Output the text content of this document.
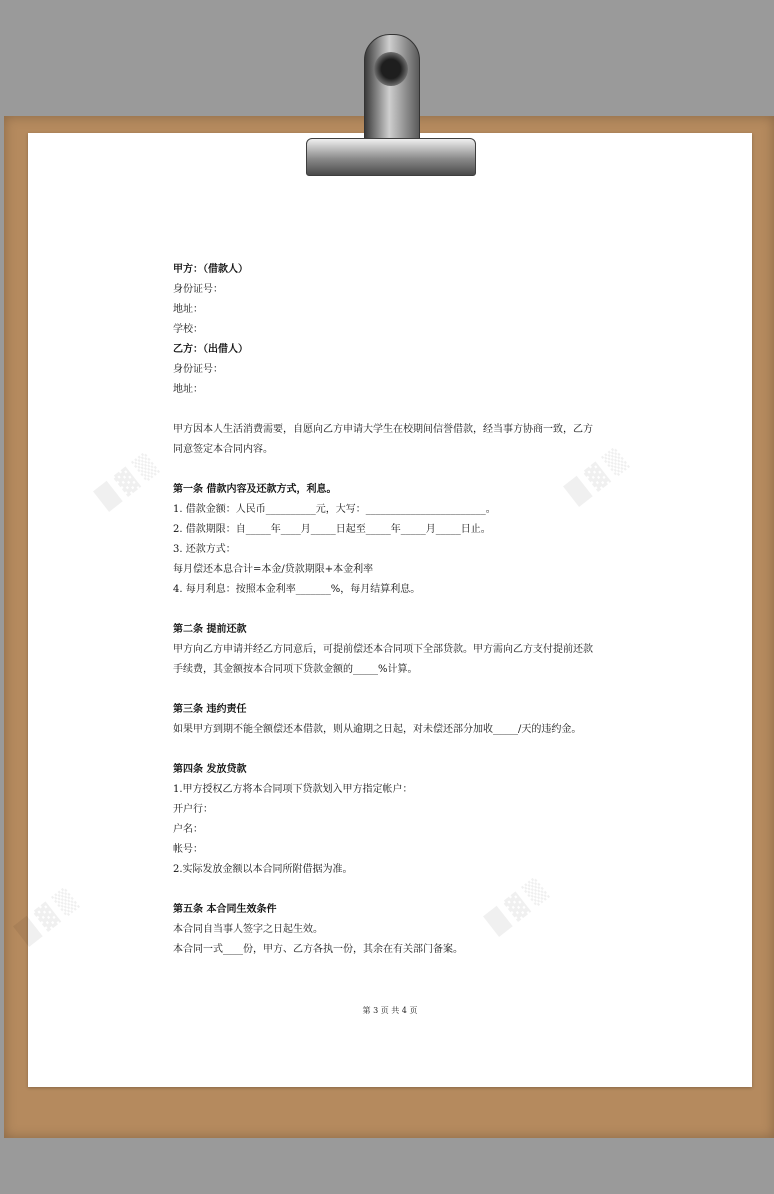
█ ▓ ▒	█ ▓ ▒
█ ▓ ▒	█ ▓ ▒
甲方：（借款人）
身份证号：
地址：
学校：
乙方：（出借人）
身份证号：
地址：
甲方因本人生活消费需要，自愿向乙方申请大学生在校期间信誉借款，经当事方协商一致，乙方
同意签定本合同内容。
第一条 借款内容及还款方式，利息。
1. 借款金额：人民币__________元，大写：________________________。
2. 借款期限：自_____年____月_____日起至_____年_____月_____日止。
3. 还款方式：
每月偿还本息合计=本金/贷款期限+本金利率
4. 每月利息：按照本金利率_______%，每月结算利息。
第二条 提前还款
甲方向乙方申请并经乙方同意后，可提前偿还本合同项下全部贷款。甲方需向乙方支付提前还款
手续费，其金额按本合同项下贷款金额的_____%计算。
第三条 违约责任
如果甲方到期不能全额偿还本借款，则从逾期之日起，对未偿还部分加收_____/天的违约金。
第四条 发放贷款
1.甲方授权乙方将本合同项下贷款划入甲方指定帐户：
开户行：
户名：
帐号：
2.实际发放金额以本合同所附借据为准。
第五条 本合同生效条件
本合同自当事人签字之日起生效。
本合同一式____份，甲方、乙方各执一份，其余在有关部门备案。
第 3 页 共 4 页
